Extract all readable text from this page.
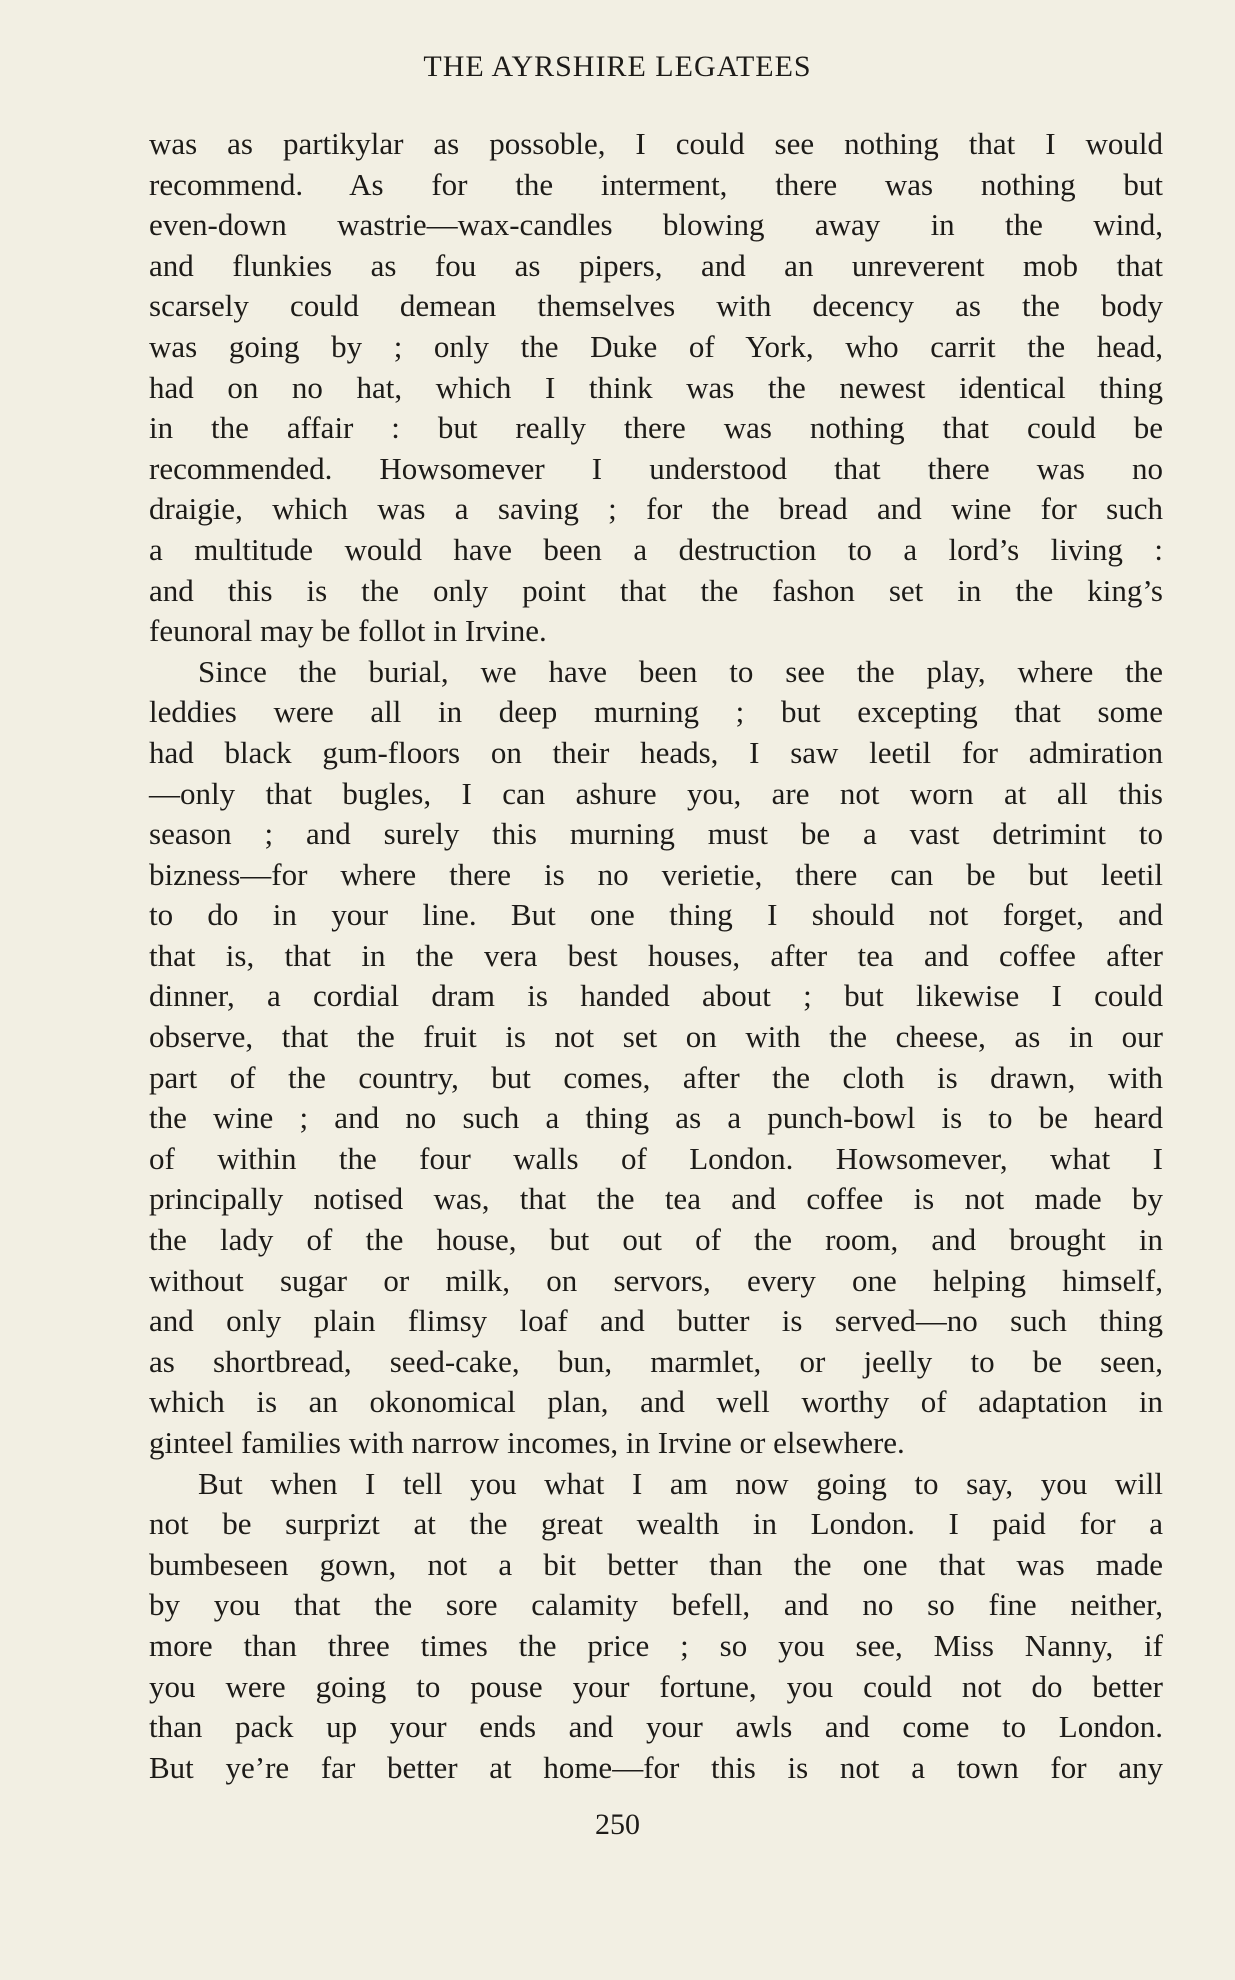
THE AYRSHIRE LEGATEES
was as partikylar as possoble, I could see nothing that I would
recommend. As for the interment, there was nothing but
even-down wastrie—wax-candles blowing away in the wind,
and flunkies as fou as pipers, and an unreverent mob that
scarsely could demean themselves with decency as the body
was going by ; only the Duke of York, who carrit the head,
had on no hat, which I think was the newest identical thing
in the affair : but really there was nothing that could be
recommended. Howsomever I understood that there was no
draigie, which was a saving ; for the bread and wine for such
a multitude would have been a destruction to a lord’s living :
and this is the only point that the fashon set in the king’s
feunoral may be follot in Irvine.
Since the burial, we have been to see the play, where the
leddies were all in deep murning ; but excepting that some
had black gum-floors on their heads, I saw leetil for admiration
—only that bugles, I can ashure you, are not worn at all this
season ; and surely this murning must be a vast detrimint to
bizness—for where there is no verietie, there can be but leetil
to do in your line. But one thing I should not forget, and
that is, that in the vera best houses, after tea and coffee after
dinner, a cordial dram is handed about ; but likewise I could
observe, that the fruit is not set on with the cheese, as in our
part of the country, but comes, after the cloth is drawn, with
the wine ; and no such a thing as a punch-bowl is to be heard
of within the four walls of London. Howsomever, what I
principally notised was, that the tea and coffee is not made by
the lady of the house, but out of the room, and brought in
without sugar or milk, on servors, every one helping himself,
and only plain flimsy loaf and butter is served—no such thing
as shortbread, seed-cake, bun, marmlet, or jeelly to be seen,
which is an okonomical plan, and well worthy of adaptation in
ginteel families with narrow incomes, in Irvine or elsewhere.
But when I tell you what I am now going to say, you will
not be surprizt at the great wealth in London. I paid for a
bumbeseen gown, not a bit better than the one that was made
by you that the sore calamity befell, and no so fine neither,
more than three times the price ; so you see, Miss Nanny, if
you were going to pouse your fortune, you could not do better
than pack up your ends and your awls and come to London.
But ye’re far better at home—for this is not a town for any
250
